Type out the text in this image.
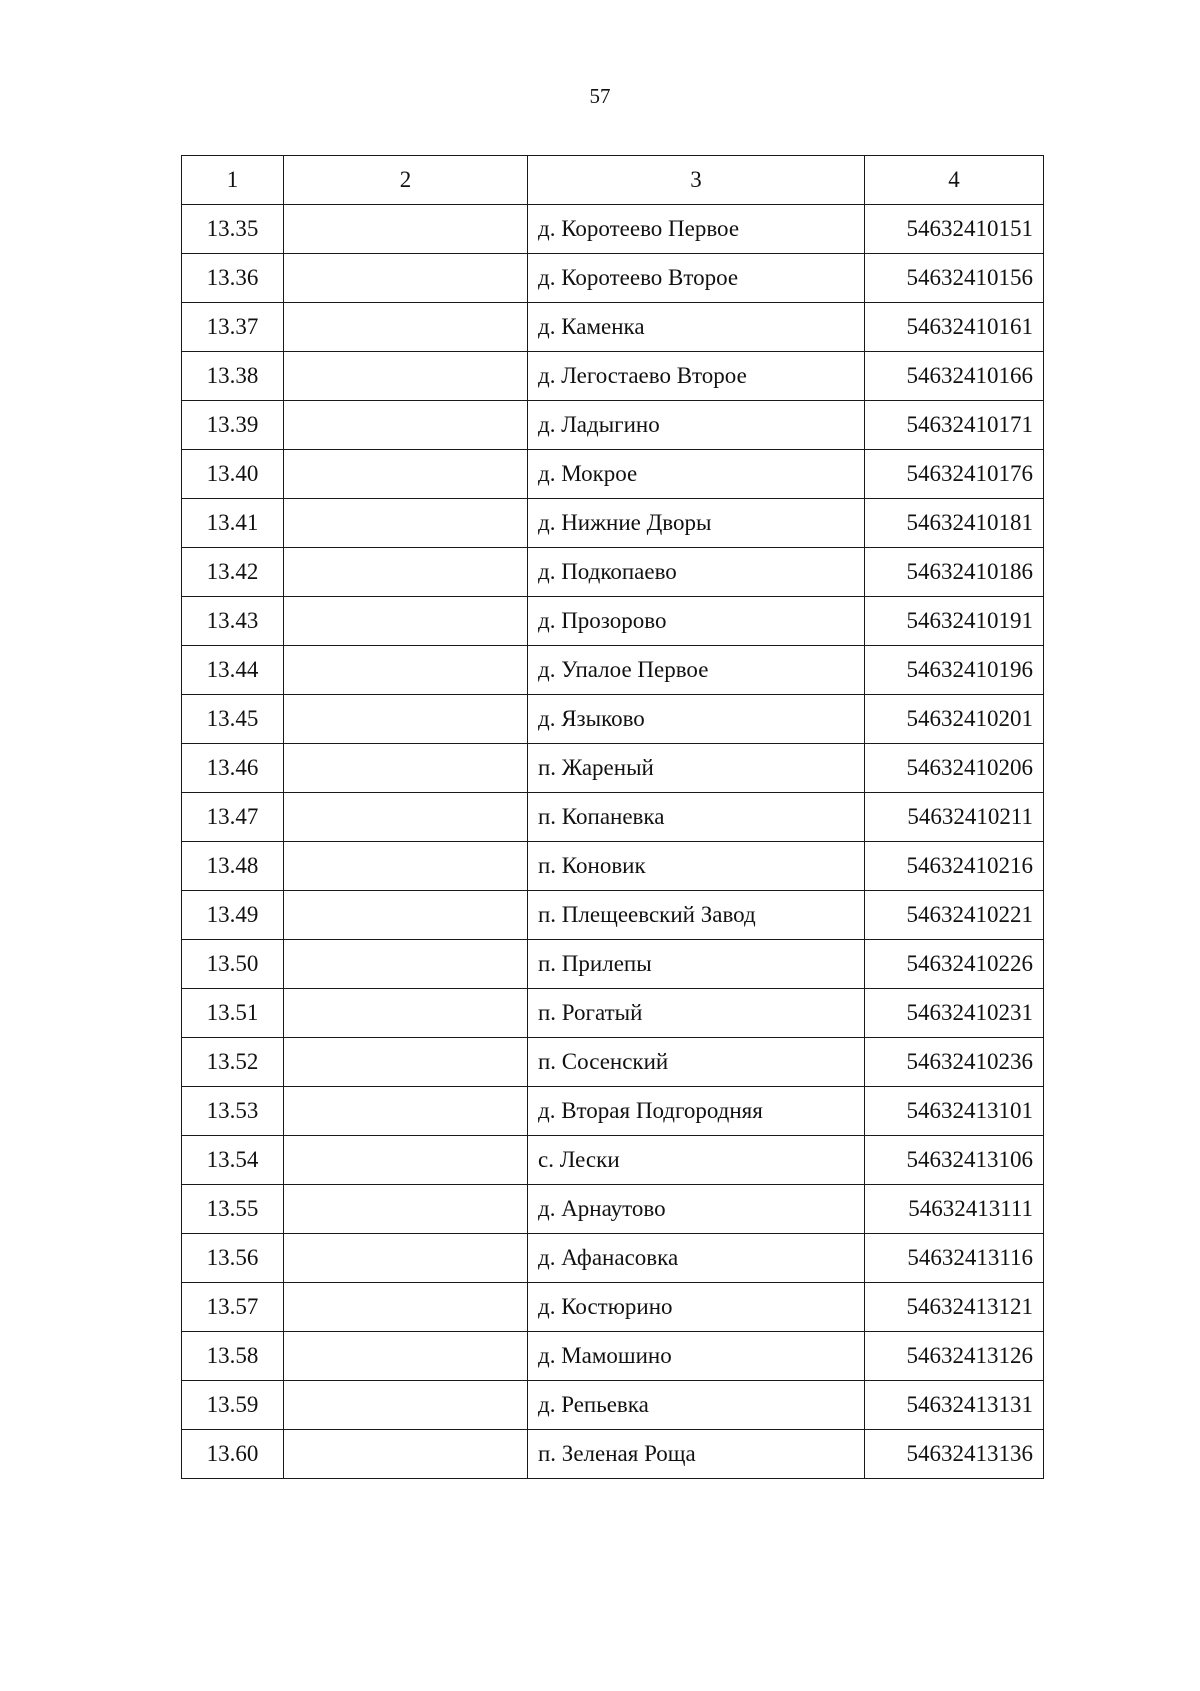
57
1	2	3	4
13.35		д. Коротеево Первое	54632410151
13.36		д. Коротеево Второе	54632410156
13.37		д. Каменка	54632410161
13.38		д. Легостаево Второе	54632410166
13.39		д. Ладыгино	54632410171
13.40		д. Мокрое	54632410176
13.41		д. Нижние Дворы	54632410181
13.42		д. Подкопаево	54632410186
13.43		д. Прозорово	54632410191
13.44		д. Упалое Первое	54632410196
13.45		д. Языково	54632410201
13.46		п. Жареный	54632410206
13.47		п. Копаневка	54632410211
13.48		п. Коновик	54632410216
13.49		п. Плещеевский Завод	54632410221
13.50		п. Прилепы	54632410226
13.51		п. Рогатый	54632410231
13.52		п. Сосенский	54632410236
13.53		д. Вторая Подгородняя	54632413101
13.54		с. Лески	54632413106
13.55		д. Арнаутово	54632413111
13.56		д. Афанасовка	54632413116
13.57		д. Костюрино	54632413121
13.58		д. Мамошино	54632413126
13.59		д. Репьевка	54632413131
13.60		п. Зеленая Роща	54632413136
